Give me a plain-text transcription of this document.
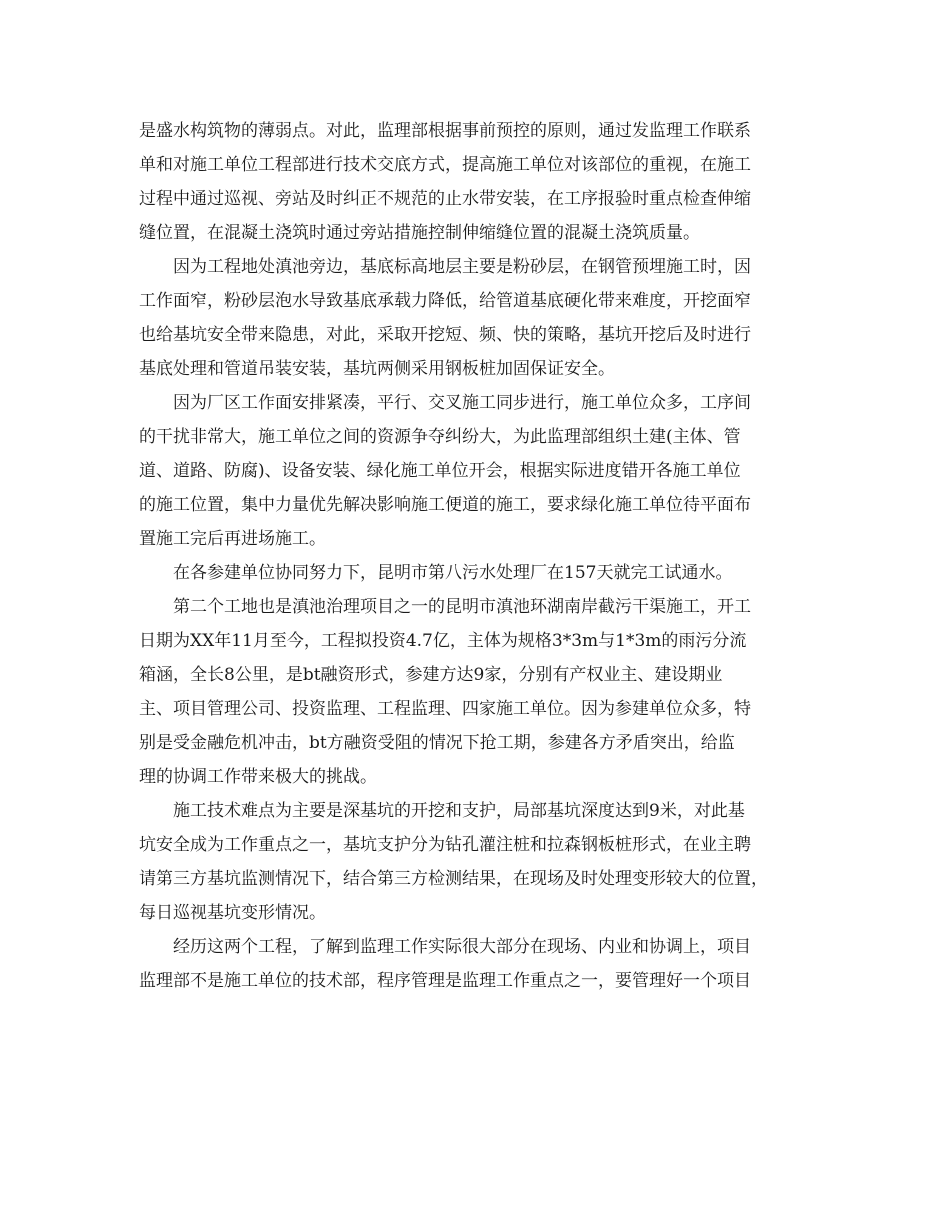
是盛水构筑物的薄弱点。对此，监理部根据事前预控的原则，通过发监理工作联系
单和对施工单位工程部进行技术交底方式，提高施工单位对该部位的重视，在施工
过程中通过巡视、旁站及时纠正不规范的止水带安装，在工序报验时重点检查伸缩
缝位置，在混凝土浇筑时通过旁站措施控制伸缩缝位置的混凝土浇筑质量。

因为工程地处滇池旁边，基底标高地层主要是粉砂层，在钢管预埋施工时，因
工作面窄，粉砂层泡水导致基底承载力降低，给管道基底硬化带来难度，开挖面窄
也给基坑安全带来隐患，对此，采取开挖短、频、快的策略，基坑开挖后及时进行
基底处理和管道吊装安装，基坑两侧采用钢板桩加固保证安全。

因为厂区工作面安排紧凑，平行、交叉施工同步进行，施工单位众多，工序间
的干扰非常大，施工单位之间的资源争夺纠纷大，为此监理部组织土建(主体、管
道、道路、防腐)、设备安装、绿化施工单位开会，根据实际进度错开各施工单位
的施工位置，集中力量优先解决影响施工便道的施工，要求绿化施工单位待平面布
置施工完后再进场施工。

在各参建单位协同努力下，昆明市第八污水处理厂在157天就完工试通水。

第二个工地也是滇池治理项目之一的昆明市滇池环湖南岸截污干渠施工，开工
日期为XX年11月至今，工程拟投资4.7亿，主体为规格3*3m与1*3m的雨污分流
箱涵，全长8公里，是bt融资形式，参建方达9家，分别有产权业主、建设期业
主、项目管理公司、投资监理、工程监理、四家施工单位。因为参建单位众多，特
别是受金融危机冲击，bt方融资受阻的情况下抢工期，参建各方矛盾突出，给监
理的协调工作带来极大的挑战。

施工技术难点为主要是深基坑的开挖和支护，局部基坑深度达到9米，对此基
坑安全成为工作重点之一，基坑支护分为钻孔灌注桩和拉森钢板桩形式，在业主聘
请第三方基坑监测情况下，结合第三方检测结果，在现场及时处理变形较大的位置，
每日巡视基坑变形情况。

经历这两个工程，了解到监理工作实际很大部分在现场、内业和协调上，项目
监理部不是施工单位的技术部，程序管理是监理工作重点之一，要管理好一个项目
